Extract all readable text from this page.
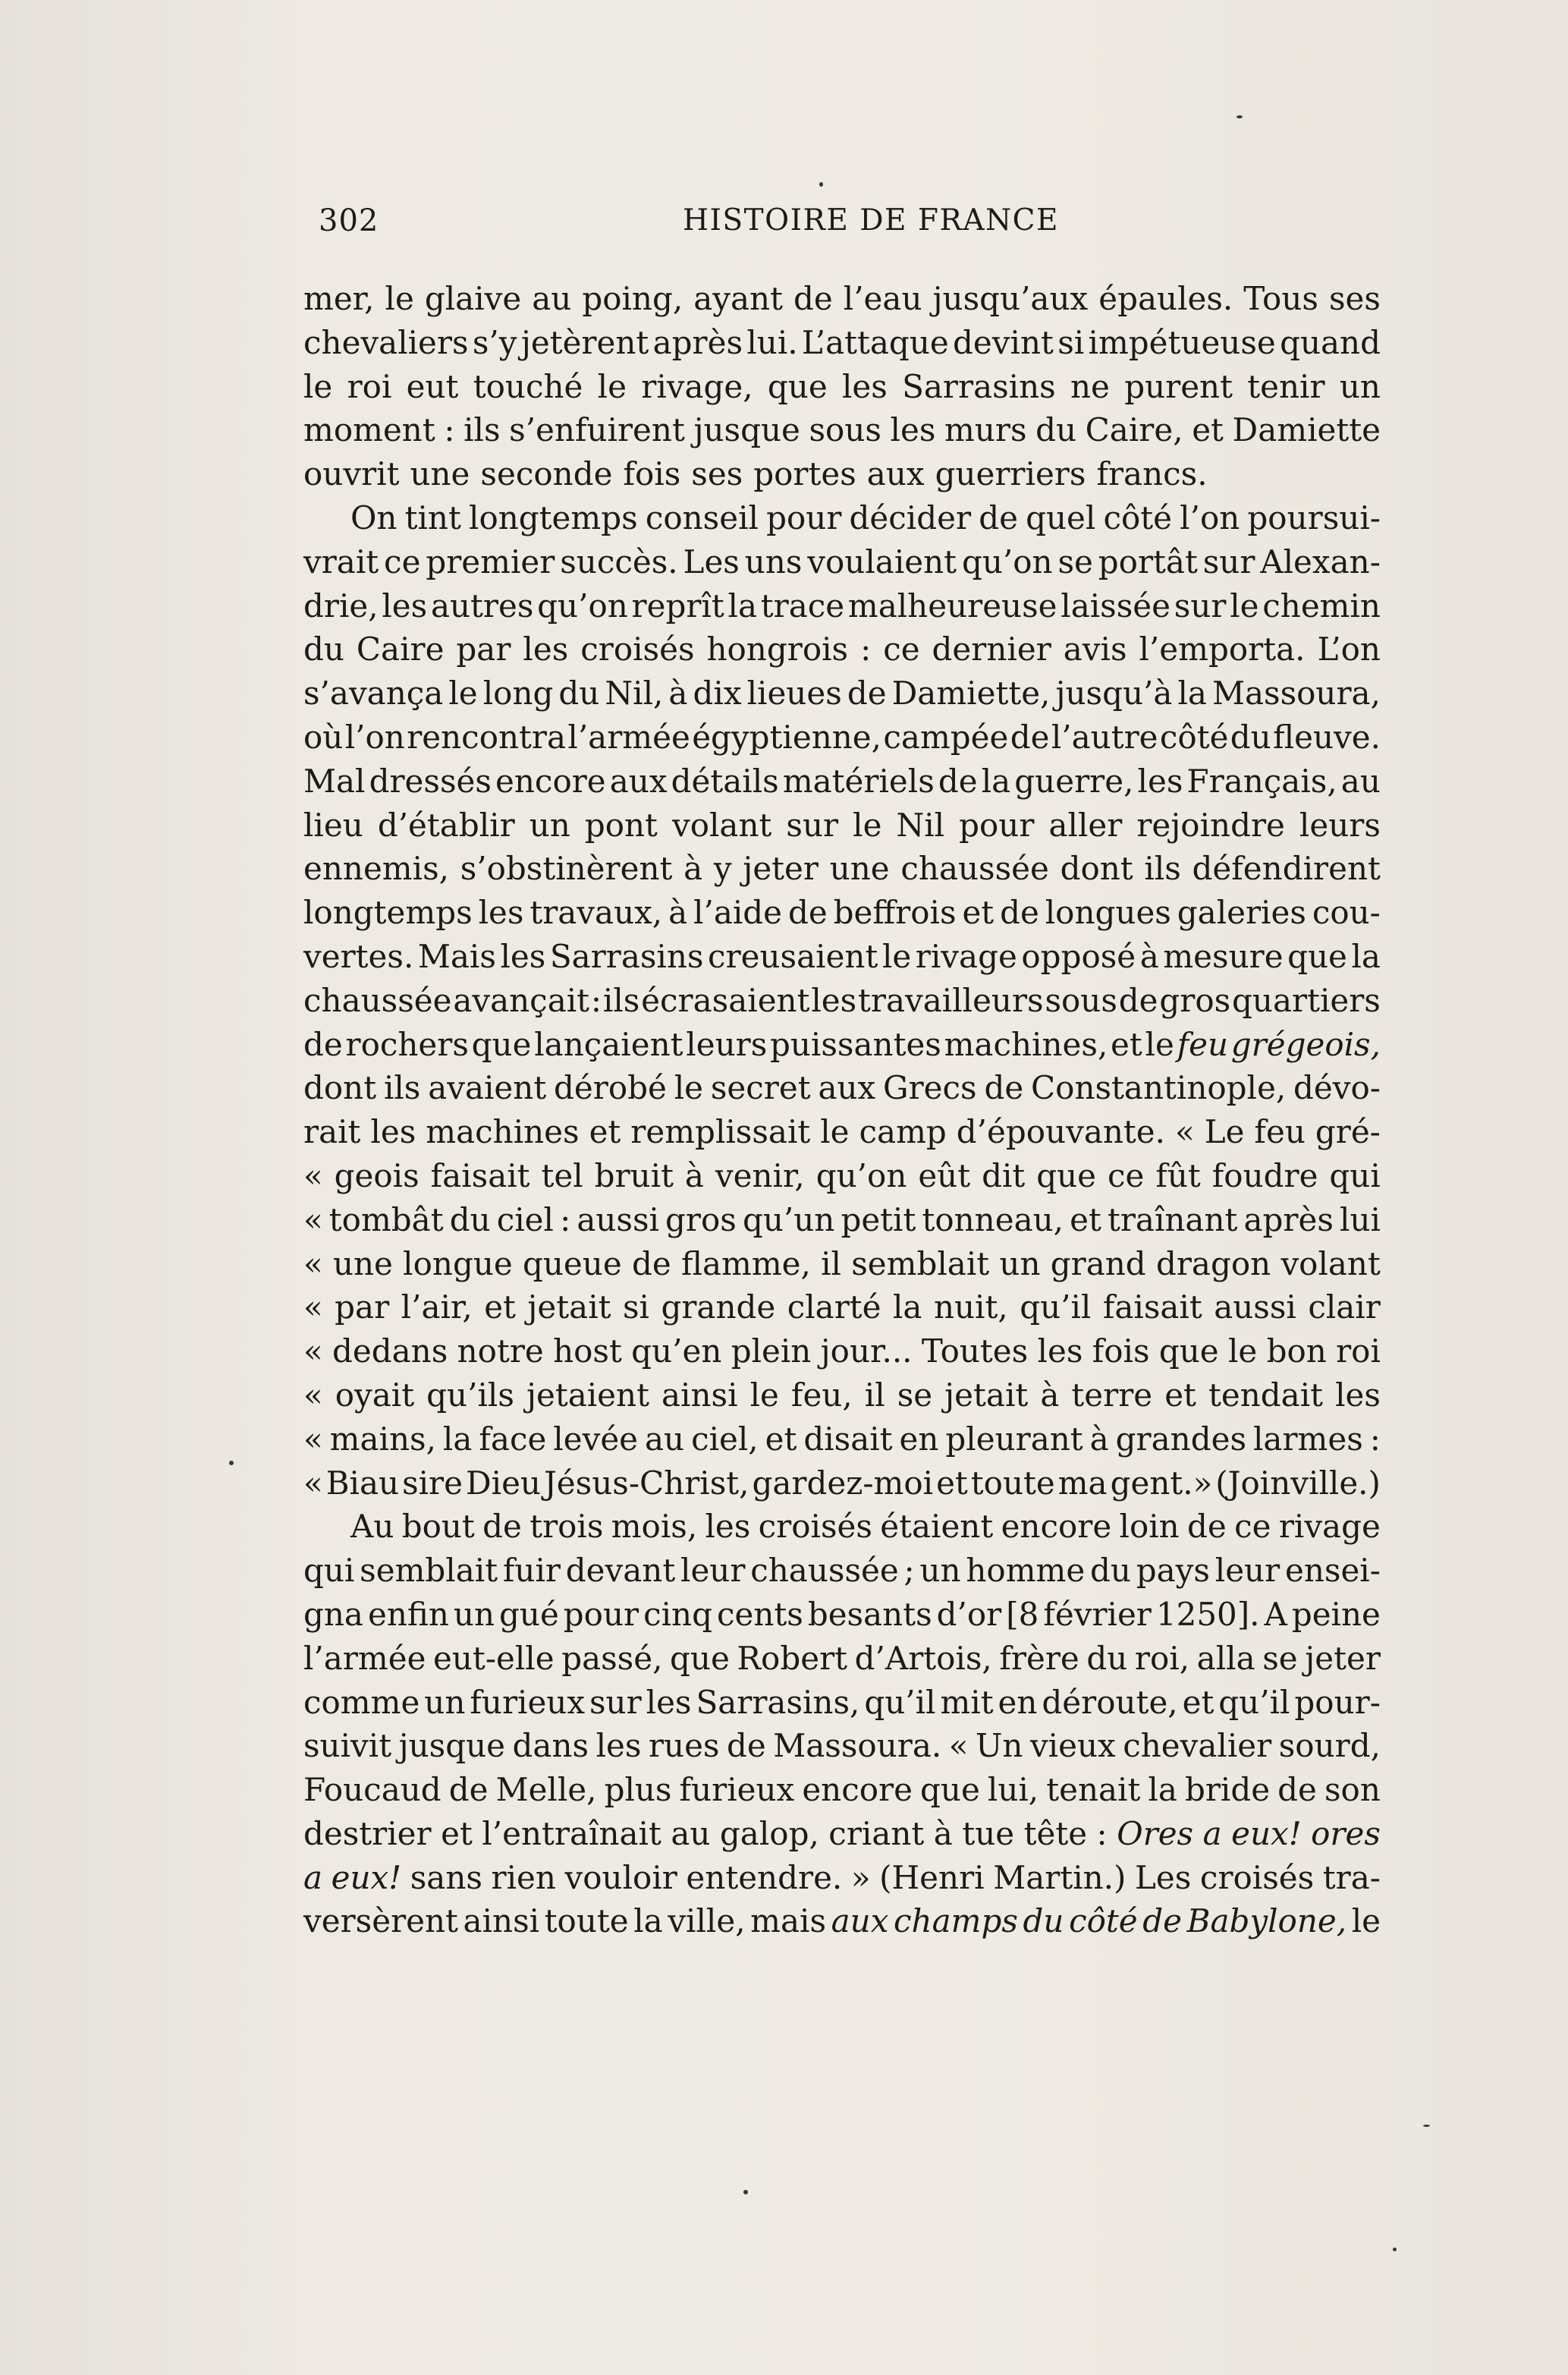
302	HISTOIRE DE FRANCE
mer, le glaive au poing, ayant de l’eau jusqu’aux épaules. Tous ses
chevaliers s’y jetèrent après lui. L’attaque devint si impétueuse quand
le roi eut touché le rivage, que les Sarrasins ne purent tenir un
moment : ils s’enfuirent jusque sous les murs du Caire, et Damiette
ouvrit une seconde fois ses portes aux guerriers francs.
On tint longtemps conseil pour décider de quel côté l’on poursui-
vrait ce premier succès. Les uns voulaient qu’on se portât sur Alexan-
drie, les autres qu’on reprît la trace malheureuse laissée sur le chemin
du Caire par les croisés hongrois : ce dernier avis l’emporta. L’on
s’avança le long du Nil, à dix lieues de Damiette, jusqu’à la Massoura,
où l’on rencontra l’armée égyptienne, campée de l’autre côté du fleuve.
Mal dressés encore aux détails matériels de la guerre, les Français, au
lieu d’établir un pont volant sur le Nil pour aller rejoindre leurs
ennemis, s’obstinèrent à y jeter une chaussée dont ils défendirent
longtemps les travaux, à l’aide de beffrois et de longues galeries cou-
vertes. Mais les Sarrasins creusaient le rivage opposé à mesure que la
chaussée avançait : ils écrasaient les travailleurs sous de gros quartiers
de rochers que lançaient leurs puissantes machines, et le feu grégeois,
dont ils avaient dérobé le secret aux Grecs de Constantinople, dévo-
rait les machines et remplissait le camp d’épouvante. « Le feu gré-
« geois faisait tel bruit à venir, qu’on eût dit que ce fût foudre qui
« tombât du ciel : aussi gros qu’un petit tonneau, et traînant après lui
« une longue queue de flamme, il semblait un grand dragon volant
« par l’air, et jetait si grande clarté la nuit, qu’il faisait aussi clair
« dedans notre host qu’en plein jour... Toutes les fois que le bon roi
« oyait qu’ils jetaient ainsi le feu, il se jetait à terre et tendait les
« mains, la face levée au ciel, et disait en pleurant à grandes larmes :
« Biau sire Dieu Jésus-Christ, gardez-moi et toute ma gent.» (Joinville.)
Au bout de trois mois, les croisés étaient encore loin de ce rivage
qui semblait fuir devant leur chaussée ; un homme du pays leur ensei-
gna enfin un gué pour cinq cents besants d’or [8 février 1250]. A peine
l’armée eut-elle passé, que Robert d’Artois, frère du roi, alla se jeter
comme un furieux sur les Sarrasins, qu’il mit en déroute, et qu’il pour-
suivit jusque dans les rues de Massoura. « Un vieux chevalier sourd,
Foucaud de Melle, plus furieux encore que lui, tenait la bride de son
destrier et l’entraînait au galop, criant à tue tête : Ores a eux! ores
a eux! sans rien vouloir entendre. » (Henri Martin.) Les croisés tra-
versèrent ainsi toute la ville, mais aux champs du côté de Babylone, le
